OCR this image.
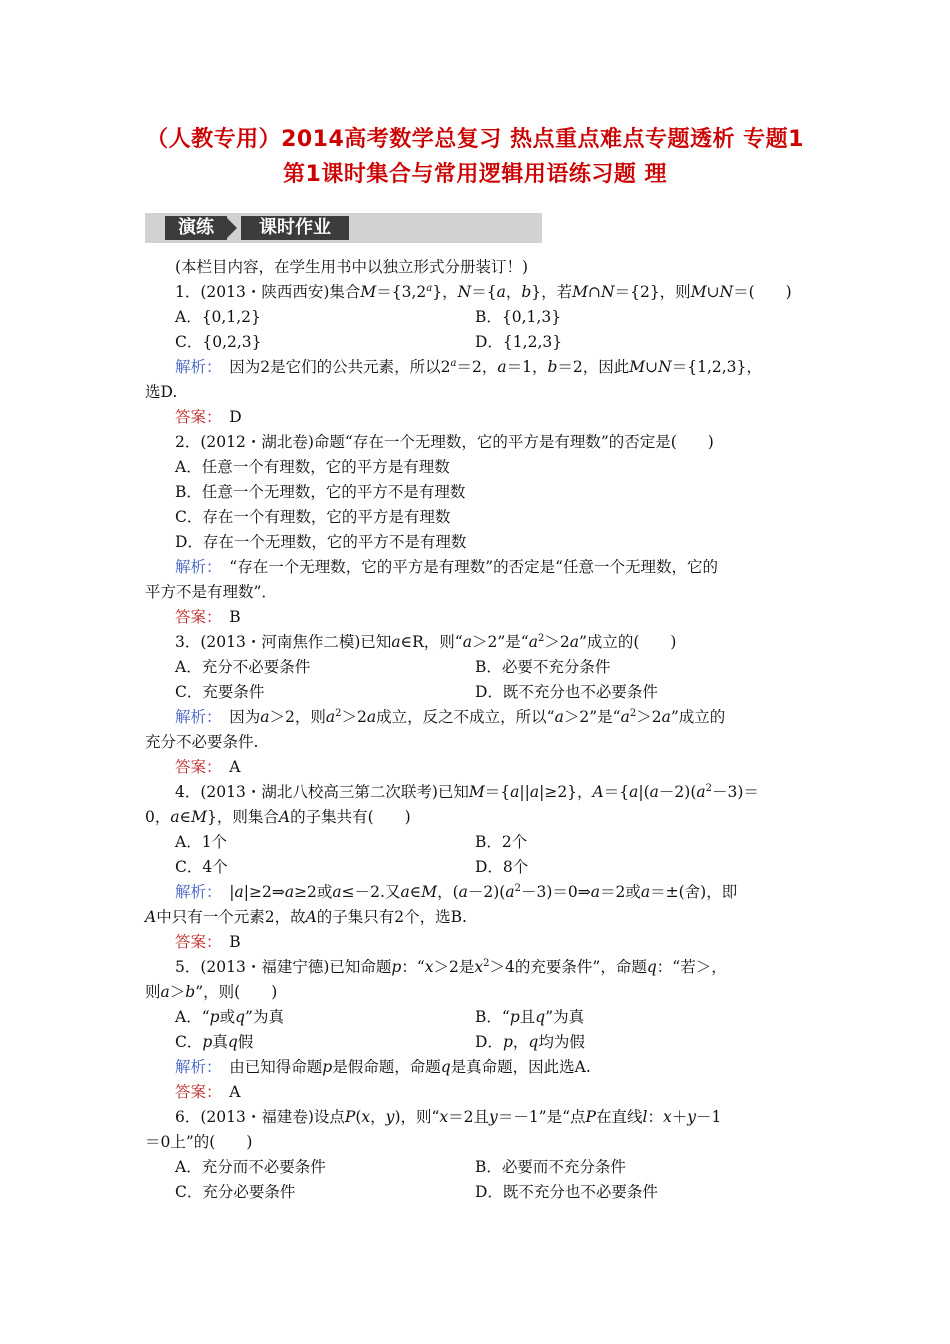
（人教专用）2014高考数学总复习 热点重点难点专题透析 专题1
第1课时集合与常用逻辑用语练习题 理
演练	课时作业
(本栏目内容，在学生用书中以独立形式分册装订！)
1．(2013・陕西西安)集合M＝{3,2$^a$}，N＝{a，b}，若M∩N＝{2}，则M∪N＝(　　)
A．{0,1,2}	B．{0,1,3}
C．{0,2,3}	D．{1,2,3}
解析：　因为2是它们的公共元素，所以$2^a=2$，a＝1，b＝2，因此M∪N＝{1,2,3}，
选D.
答案：　 D
2．(2012・湖北卷)命题“存在一个无理数，它的平方是有理数”的否定是(　　)
A．任意一个有理数，它的平方是有理数
B．任意一个无理数，它的平方不是有理数
C．存在一个有理数，它的平方是有理数
D．存在一个无理数，它的平方不是有理数
解析：　 “存在一个无理数，它的平方是有理数”的否定是“任意一个无理数，它的
平方不是有理数”．
答案：　 B
3．(2013・河南焦作二模)已知a∈R，则“a＞2”是“$a^2>2a$”成立的(　　)
A．充分不必要条件	B．必要不充分条件
C．充要条件	D．既不充分也不必要条件
解析：　因为a＞2，则$a^2>2a$成立，反之不成立，所以“a＞2”是“$a^2>2a$”成立的
充分不必要条件.
答案：　 A
4．(2013・湖北八校高三第二次联考)已知M＝{a||a|≥2}，$A=\{a|(a-2)(a^2-3)=$
0，a∈M}，则集合A的子集共有(　　)
A．1个	B．2个
C．4个	D．8个
解析：　|a|≥2⇒a≥2或a≤－2.又a∈M，$(a-2)(a^2-3)=0\Rightarrow a=2$或a＝±(舍)，即
A中只有一个元素2，故A的子集只有2个，选B.
答案：　 B
5．(2013・福建宁德)已知命题p：“x＞2是$x^2>4$的充要条件”，命题q：“若＞，
则a＞b”，则(　　)
A．“p或q”为真	B．“p且q”为真
C．p真q假	D．p，q均为假
解析：　由已知得命题p是假命题，命题q是真命题，因此选A.
答案：　 A
6．(2013・福建卷)设点P(x，y)，则“x＝2且y＝－1”是“点P在直线l：x＋y－1
＝0上”的(　　)
A．充分而不必要条件	B．必要而不充分条件
C．充分必要条件	D．既不充分也不必要条件
